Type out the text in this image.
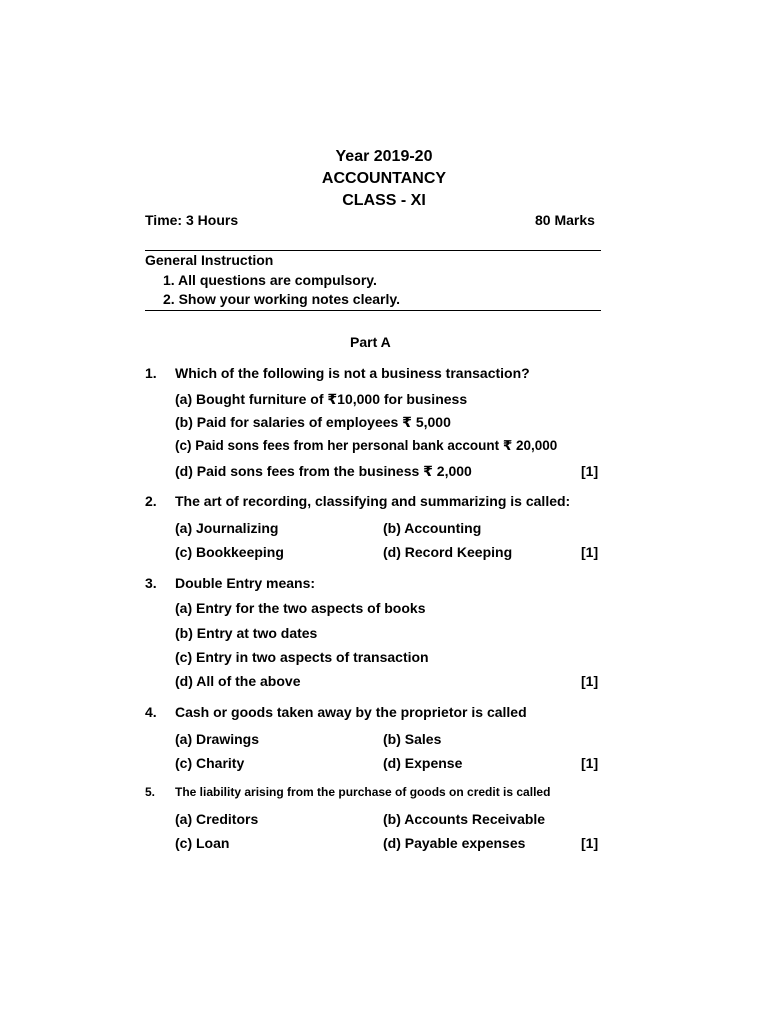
Year 2019-20
ACCOUNTANCY
CLASS - XI
Time: 3 Hours	80 Marks
General Instruction
1. All questions are compulsory.
2. Show your working notes clearly.
Part A
1. Which of the following is not a business transaction?
(a) Bought furniture of ₹10,000 for business
(b) Paid for salaries of employees ₹ 5,000
(c) Paid sons fees from her personal bank account ₹ 20,000
(d) Paid sons fees from the business ₹ 2,000	[1]
2. The art of recording, classifying and summarizing is called:
(a) Journalizing	(b) Accounting
(c) Bookkeeping	(d) Record Keeping	[1]
3. Double Entry means:
(a) Entry for the two aspects of books
(b) Entry at two dates
(c) Entry in two aspects of transaction
(d) All of the above	[1]
4. Cash or goods taken away by the proprietor is called
(a) Drawings	(b) Sales
(c) Charity	(d) Expense	[1]
5. The liability arising from the purchase of goods on credit is called
(a) Creditors	(b) Accounts Receivable
(c) Loan	(d) Payable expenses	[1]
